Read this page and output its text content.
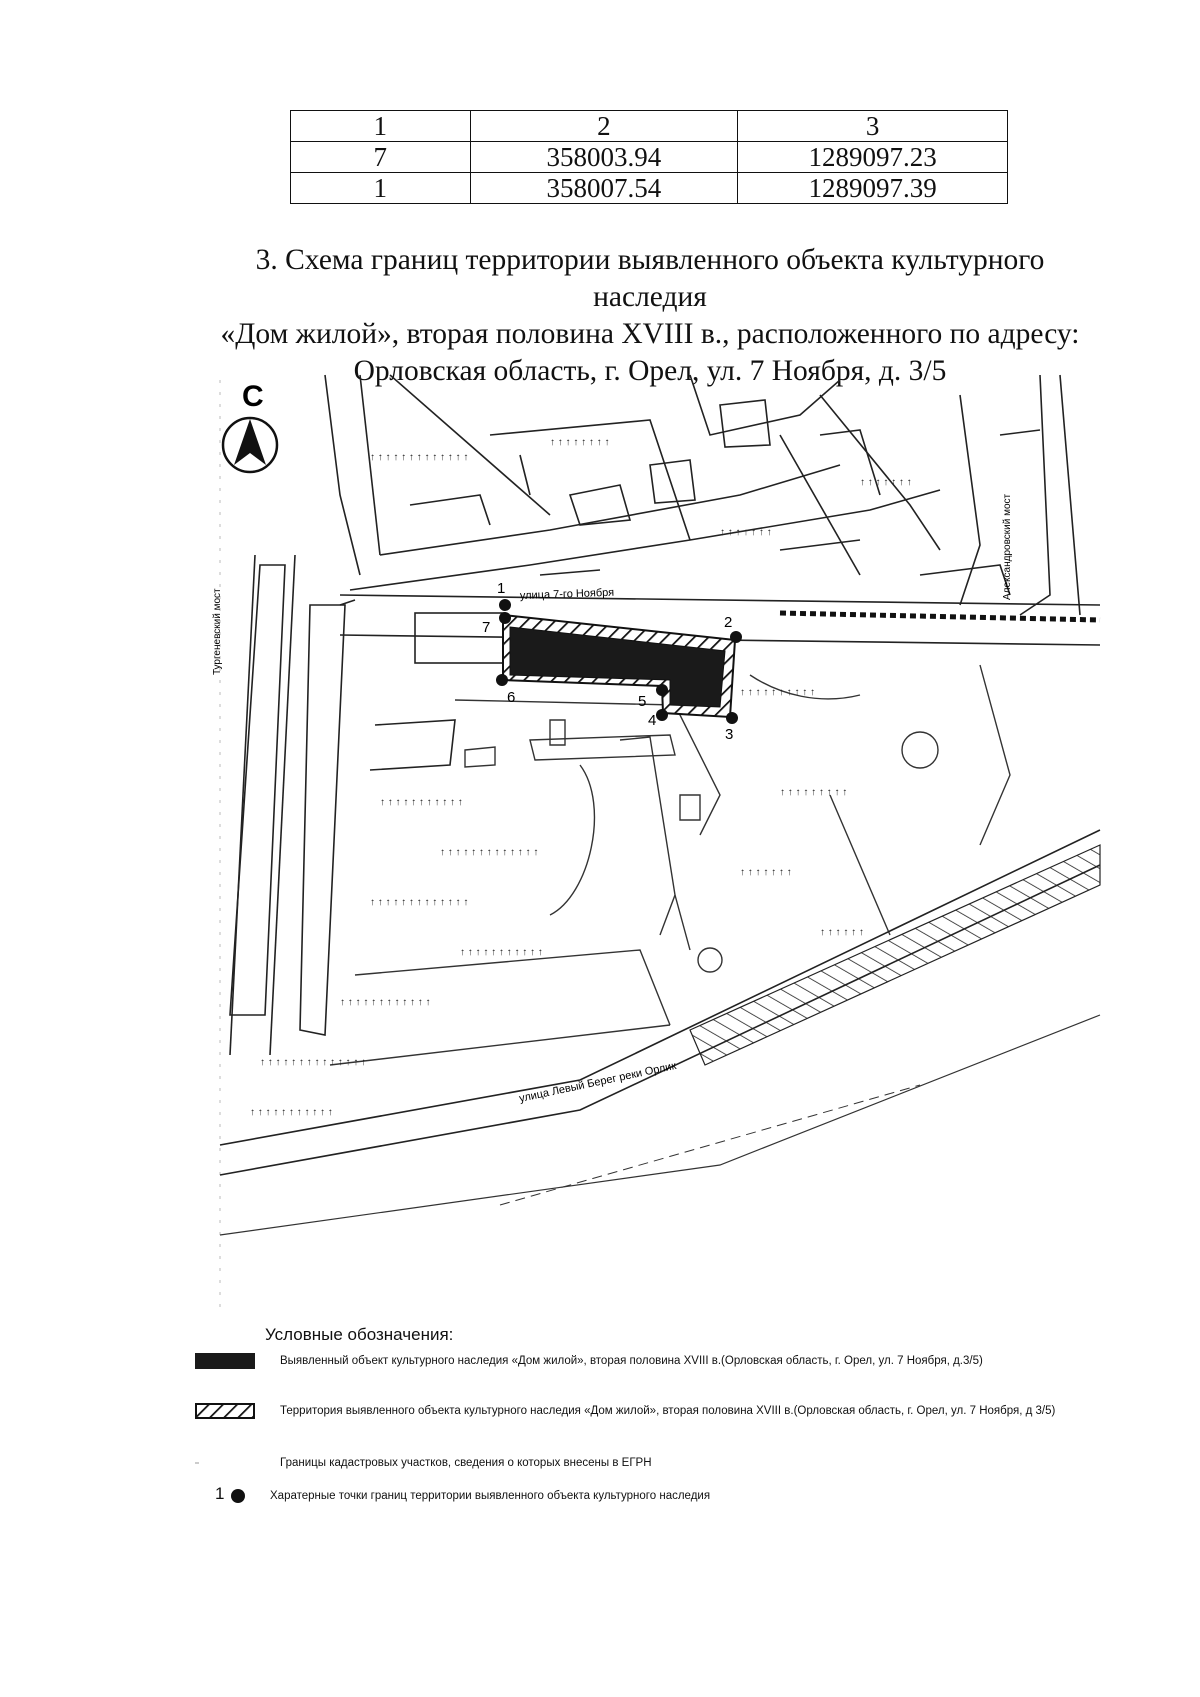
1	2	3
7	358003.94	1289097.23
1	358007.54	1289097.39
3. Схема границ территории выявленного объекта культурного наследия
«Дом жилой», вторая половина XVIII в., расположенного по адресу:
Орловская область, г. Орел, ул. 7 Ноября, д. 3/5
С
улица 7-го Ноября	Александровский мост
Тургеневский мост
↑ ↑ ↑ ↑ ↑ ↑ ↑ ↑ ↑ ↑ ↑
↑ ↑ ↑ ↑ ↑ ↑ ↑ ↑ ↑ ↑ ↑ ↑ ↑
↑ ↑ ↑ ↑ ↑ ↑ ↑ ↑ ↑ ↑ ↑ ↑ ↑
↑ ↑ ↑ ↑ ↑ ↑ ↑ ↑ ↑ ↑ ↑
↑ ↑ ↑ ↑ ↑ ↑ ↑ ↑ ↑ ↑ ↑ ↑
↑ ↑ ↑ ↑ ↑ ↑ ↑ ↑ ↑ ↑ ↑ ↑ ↑ ↑
↑ ↑ ↑ ↑ ↑ ↑ ↑ ↑ ↑ ↑ ↑
↑ ↑ ↑ ↑ ↑ ↑ ↑ ↑ ↑ ↑
↑ ↑ ↑ ↑ ↑ ↑ ↑ ↑ ↑
↑ ↑ ↑ ↑ ↑ ↑ ↑
↑ ↑ ↑ ↑ ↑ ↑
↑ ↑ ↑ ↑ ↑ ↑ ↑ ↑ ↑ ↑ ↑ ↑ ↑
↑ ↑ ↑ ↑ ↑ ↑ ↑ ↑
↑ ↑ ↑ ↑ ↑ ↑ ↑
↑ ↑ ↑ ↑ ↑ ↑ ↑
улица Левый Берег реки Орлик
1
2
3
4
5
6
7
Условные обозначения:
Выявленный объект культурного наследия «Дом жилой», вторая половина XVIII в.(Орловская область, г. Орел, ул. 7 Ноября, д.3/5)
Территория выявленного объекта культурного наследия «Дом жилой», вторая половина XVIII в.(Орловская область, г. Орел, ул. 7 Ноября, д 3/5)
Границы кадастровых участков, сведения о которых внесены в ЕГРН
1	Харатерные точки границ территории выявленного объекта культурного наследия
